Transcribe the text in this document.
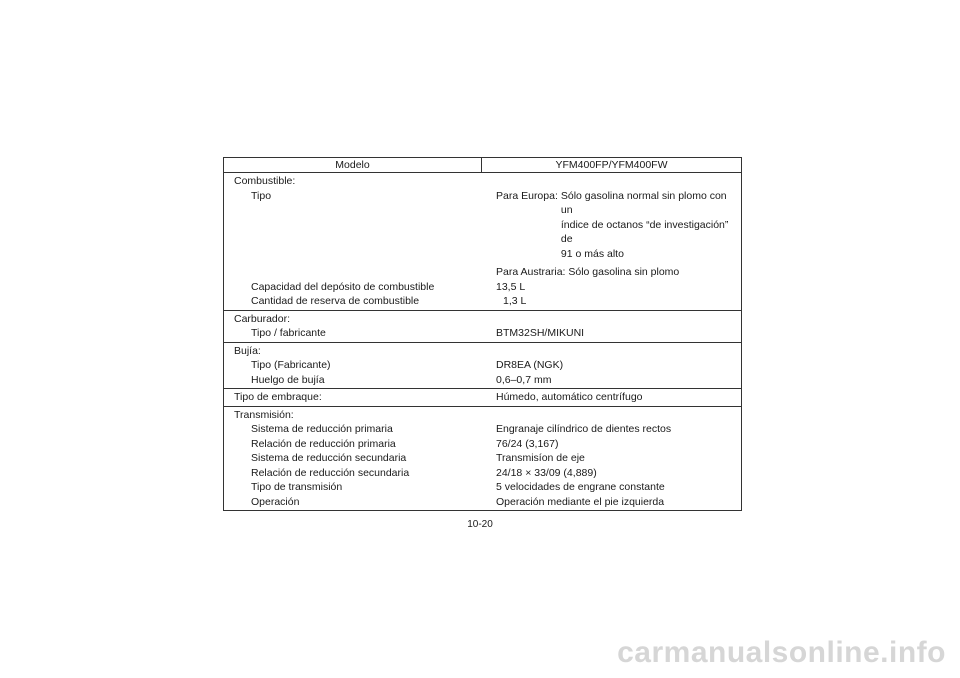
Modelo	YFM400FP/YFM400FW
Combustible:
Tipo	Para Europa: Sólo gasolina normal sin plomo con un
índice de octanos “de investigación” de
91 o más alto
Para Austraria: Sólo gasolina sin plomo
Capacidad del depósito de combustible	13,5 L
Cantidad de reserva de combustible	1,3 L
Carburador:
Tipo / fabricante	BTM32SH/MIKUNI
Bujía:
Tipo (Fabricante)	DR8EA (NGK)
Huelgo de bujía	0,6–0,7 mm
Tipo de embraque:	Húmedo, automático centrífugo
Transmisión:
Sistema de reducción primaria	Engranaje cilíndrico de dientes rectos
Relación de reducción primaria	76/24 (3,167)
Sistema de reducción secundaria	Transmisíon de eje
Relación de reducción secundaria	24/18 × 33/09 (4,889)
Tipo de transmisión	5 velocidades de engrane constante
Operación	Operación mediante el pie izquierda
10-20
carmanualsonline.info
